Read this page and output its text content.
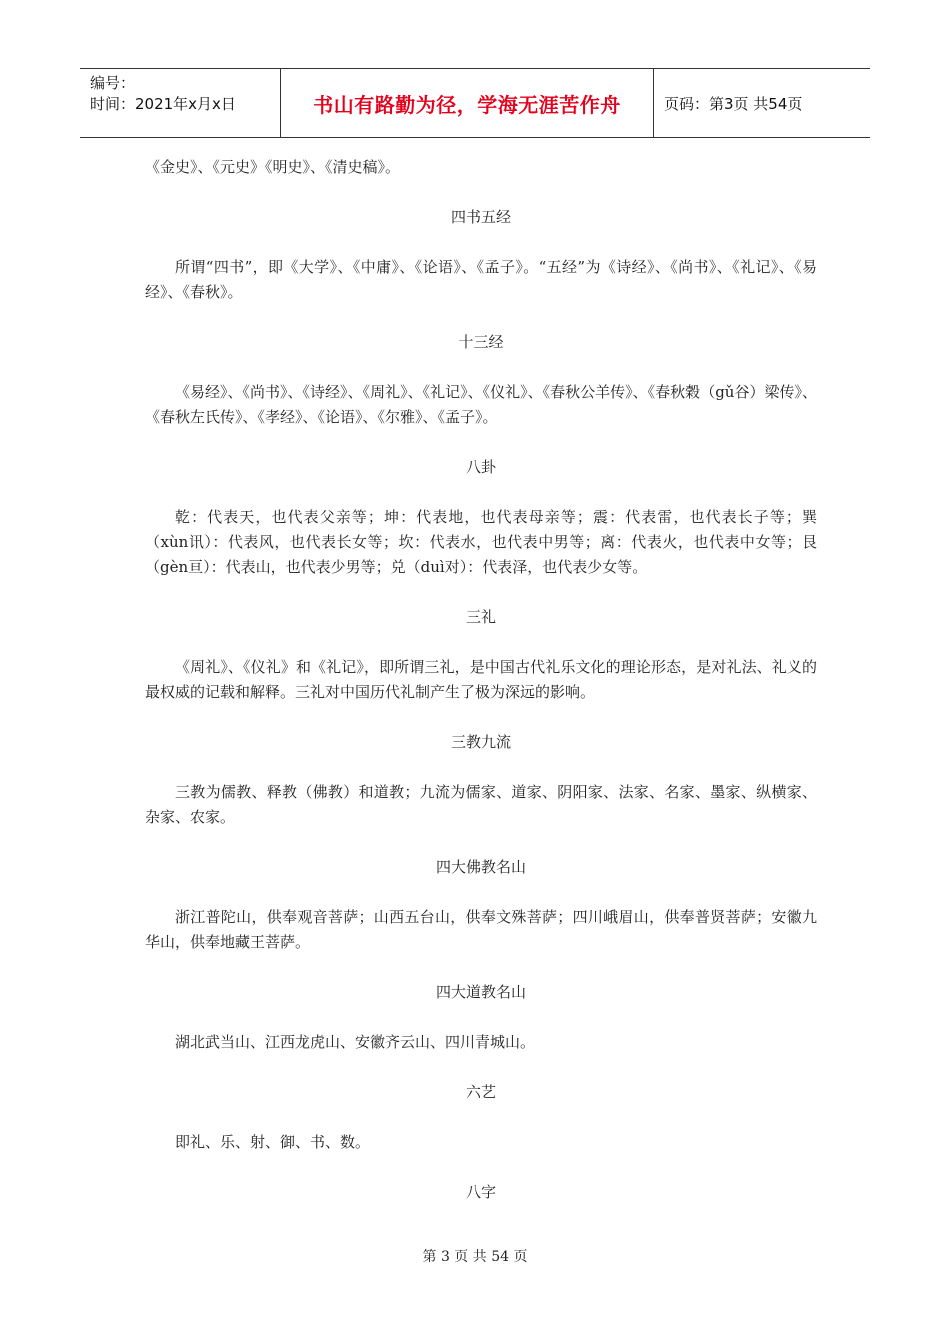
编号：
时间：2021年x月x日	书山有路勤为径，学海无涯苦作舟	页码：第3页 共54页

《金史》、《元史》《明史》、《清史稿》。

四书五经

所谓“四书”，即《大学》、《中庸》、《论语》、《孟子》。“五经”为《诗经》、《尚书》、《礼记》、《易经》、《春秋》。

十三经

《易经》、《尚书》、《诗经》、《周礼》、《礼记》、《仪礼》、《春秋公羊传》、《春秋穀（gǔ谷）梁传》、《春秋左氏传》、《孝经》、《论语》、《尔雅》、《孟子》。

八卦

乾：代表天，也代表父亲等；坤：代表地，也代表母亲等；震：代表雷，也代表长子等；巽（xùn讯）：代表风，也代表长女等；坎：代表水，也代表中男等；离：代表火，也代表中女等；艮（gèn亘）：代表山，也代表少男等；兑（duì对）：代表泽，也代表少女等。

三礼

《周礼》、《仪礼》和《礼记》，即所谓三礼，是中国古代礼乐文化的理论形态，是对礼法、礼义的最权威的记载和解释。三礼对中国历代礼制产生了极为深远的影响。

三教九流

三教为儒教、释教（佛教）和道教；九流为儒家、道家、阴阳家、法家、名家、墨家、纵横家、杂家、农家。

四大佛教名山

浙江普陀山，供奉观音菩萨；山西五台山，供奉文殊菩萨；四川峨眉山，供奉普贤菩萨；安徽九华山，供奉地藏王菩萨。

四大道教名山

湖北武当山、江西龙虎山、安徽齐云山、四川青城山。

六艺

即礼、乐、射、御、书、数。

八字
第 3 页 共 54 页
